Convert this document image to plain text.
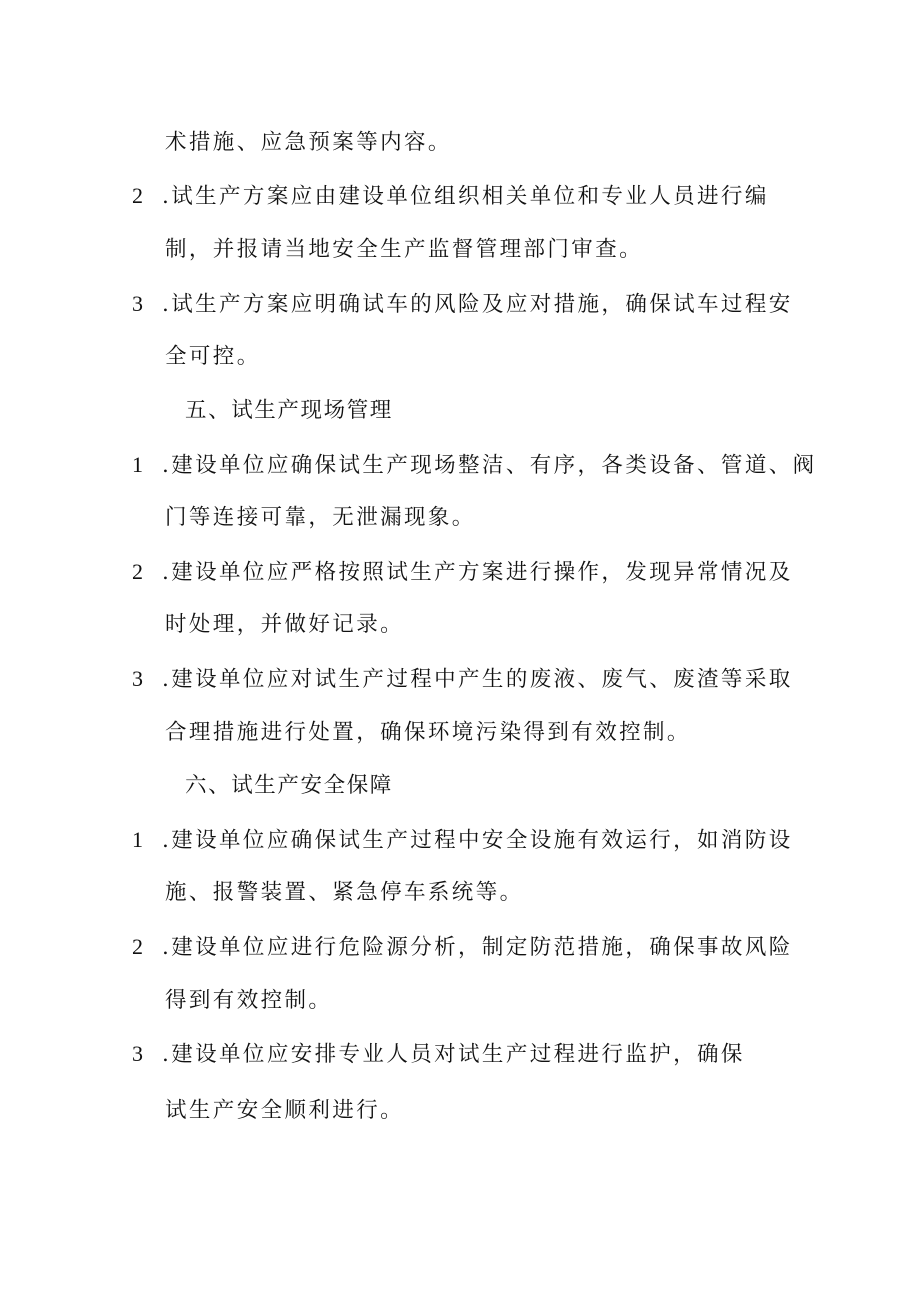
术措施、应急预案等内容。
2 .试生产方案应由建设单位组织相关单位和专业人员进行编
制，并报请当地安全生产监督管理部门审查。
3 .试生产方案应明确试车的风险及应对措施，确保试车过程安
全可控。
五、试生产现场管理
1 .建设单位应确保试生产现场整洁、有序，各类设备、管道、阀
门等连接可靠，无泄漏现象。
2 .建设单位应严格按照试生产方案进行操作，发现异常情况及
时处理，并做好记录。
3 .建设单位应对试生产过程中产生的废液、废气、废渣等采取
合理措施进行处置，确保环境污染得到有效控制。
六、试生产安全保障
1 .建设单位应确保试生产过程中安全设施有效运行，如消防设
施、报警装置、紧急停车系统等。
2 .建设单位应进行危险源分析，制定防范措施，确保事故风险
得到有效控制。
3 .建设单位应安排专业人员对试生产过程进行监护，确保
试生产安全顺利进行。
